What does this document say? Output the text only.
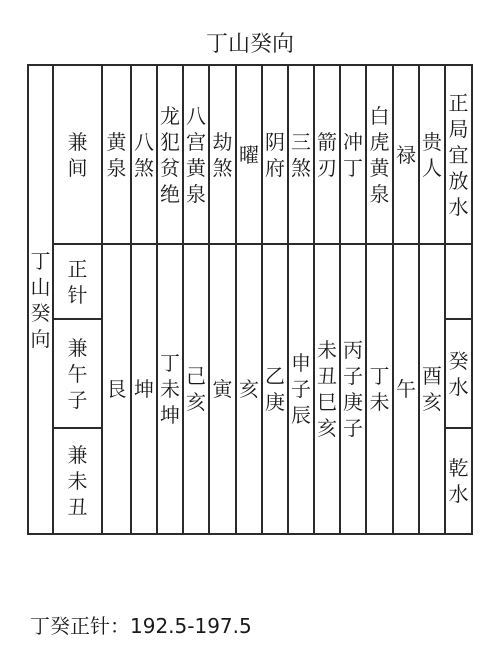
丁山癸向
丁
山
癸
向
兼
间
黄
泉
八
煞
龙
犯
贫
绝
八
宫
黄
泉
劫
煞
曜
阴
府
三
煞
箭
刃
冲
丁
白
虎
黄
泉
禄
贵
人
正
局
宜
放
水
正
针
兼
午
子
兼
未
丑
艮 坤
丁
未
坤
己
亥
寅 亥
乙
庚
申
子
辰
未
丑
巳
亥
丙
子
庚
子
丁
未
午
酉
亥
癸
水
乾
水
丁癸正针：192.5-197.5
